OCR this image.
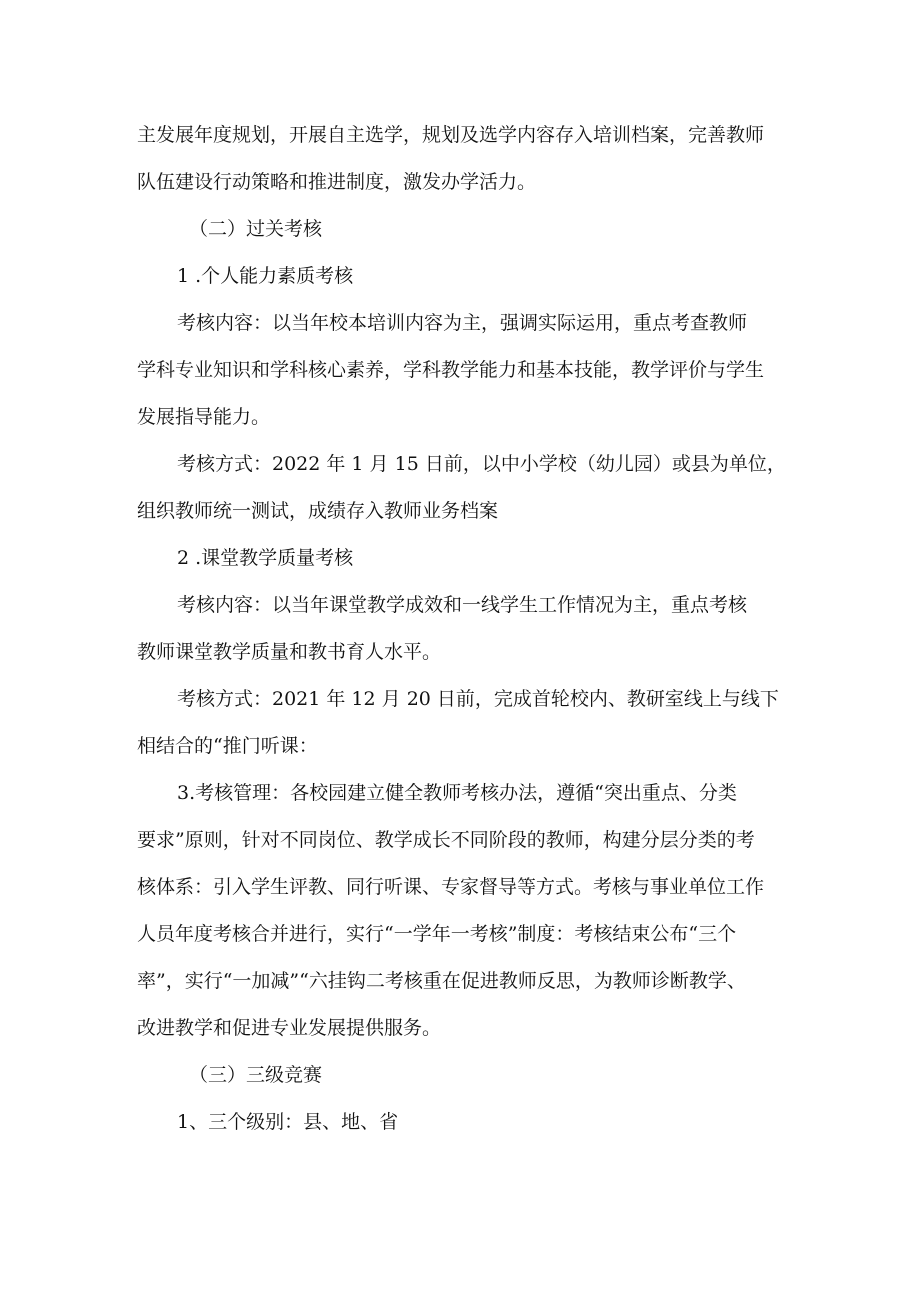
主发展年度规划，开展自主选学，规划及选学内容存入培训档案，完善教师

队伍建设行动策略和推进制度，激发办学活力。

（二）过关考核

1 .个人能力素质考核

考核内容：以当年校本培训内容为主，强调实际运用，重点考查教师

学科专业知识和学科核心素养，学科教学能力和基本技能，教学评价与学生

发展指导能力。

考核方式：2022 年 1 月 15 日前，以中小学校（幼儿园）或县为单位，

组织教师统一测试，成绩存入教师业务档案

2 .课堂教学质量考核

考核内容：以当年课堂教学成效和一线学生工作情况为主，重点考核

教师课堂教学质量和教书育人水平。

考核方式：2021 年 12 月 20 日前，完成首轮校内、教研室线上与线下

相结合的“推门听课：

3.考核管理：各校园建立健全教师考核办法，遵循“突出重点、分类

要求”原则，针对不同岗位、教学成长不同阶段的教师，构建分层分类的考

核体系：引入学生评教、同行听课、专家督导等方式。考核与事业单位工作

人员年度考核合并进行，实行“一学年一考核”制度：考核结束公布“三个

率”，实行“一加减”“六挂钩二考核重在促进教师反思，为教师诊断教学、

改进教学和促进专业发展提供服务。

（三）三级竞赛

1、三个级别：县、地、省
